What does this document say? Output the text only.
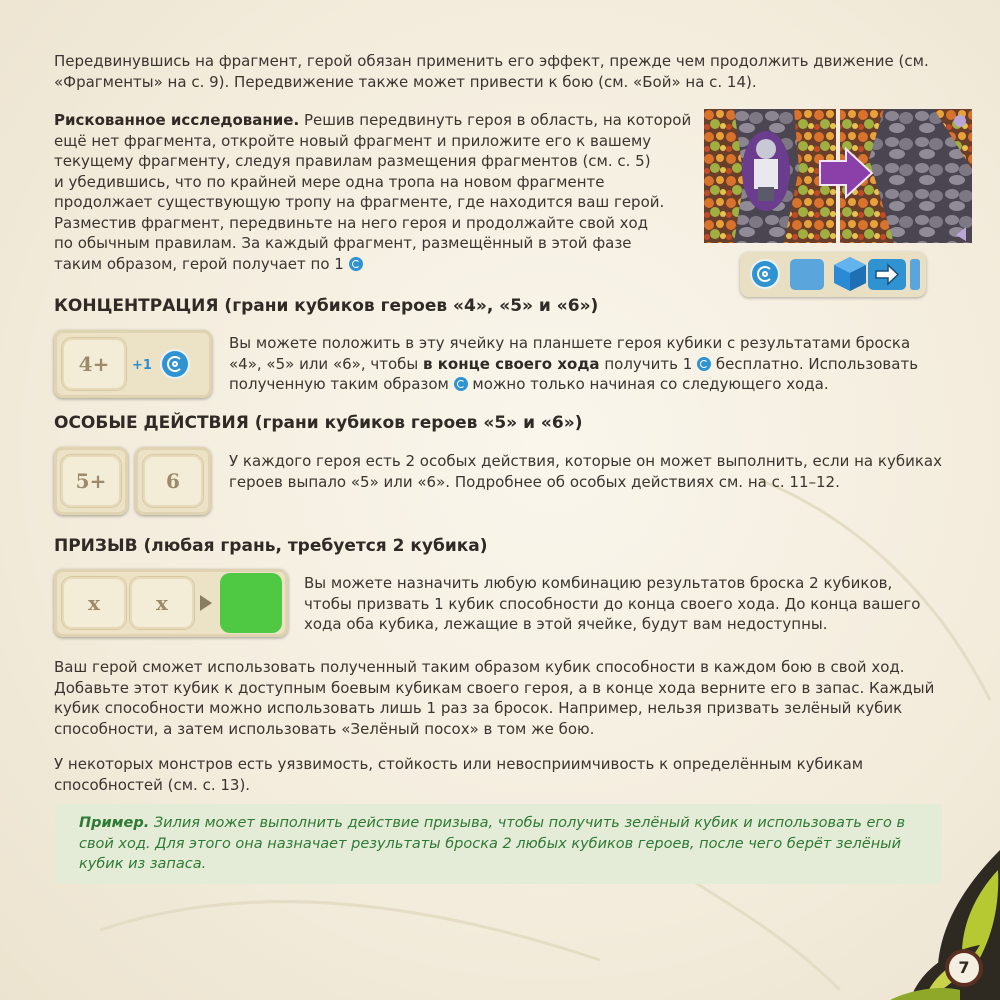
Передвинувшись на фрагмент, герой обязан применить его эффект, прежде чем продолжить движение (см. «Фрагменты» на с. 9). Передвижение также может привести к бою (см. «Бой» на с. 14).
Рискованное исследование. Решив передвинуть героя в область, на которой
ещё нет фрагмента, откройте новый фрагмент и приложите его к вашему
текущему фрагменту, следуя правилам размещения фрагментов (см. с. 5)
и убедившись, что по крайней мере одна тропа на новом фрагменте
продолжает существующую тропу на фрагменте, где находится ваш герой.
Разместив фрагмент, передвиньте на него героя и продолжайте свой ход
по обычным правилам. За каждый фрагмент, размещённый в этой фазе
таким образом, герой получает по 1
КОНЦЕНТРАЦИЯ (грани кубиков героев «4», «5» и «6»)
4+	+1
Вы можете положить в эту ячейку на планшете героя кубики с результатами броска
«4», «5» или «6», чтобы в конце своего хода получить 1  бесплатно. Использовать
полученную таким образом  можно только начиная со следующего хода.
ОСОБЫЕ ДЕЙСТВИЯ (грани кубиков героев «5» и «6»)
5+	6
У каждого героя есть 2 особых действия, которые он может выполнить, если на кубиках героев выпало «5» или «6». Подробнее об особых действиях см. на с. 11–12.
ПРИЗЫВ (любая грань, требуется 2 кубика)
x	x
Вы можете назначить любую комбинацию результатов броска 2 кубиков, чтобы призвать 1 кубик способности до конца своего хода. До конца вашего хода оба кубика, лежащие в этой ячейке, будут вам недоступны.
Ваш герой сможет использовать полученный таким образом кубик способности в каждом бою в свой ход. Добавьте этот кубик к доступным боевым кубикам своего героя, а в конце хода верните его в запас. Каждый кубик способности можно использовать лишь 1 раз за бросок. Например, нельзя призвать зелёный кубик способности, а затем использовать «Зелёный посох» в том же бою.
У некоторых монстров есть уязвимость, стойкость или невосприимчивость к определённым кубикам способностей (см. с. 13).
Пример. Зилия может выполнить действие призыва, чтобы получить зелёный кубик и использовать его в свой ход. Для этого она назначает результаты броска 2 любых кубиков героев, после чего берёт зелёный кубик из запаса.
7
